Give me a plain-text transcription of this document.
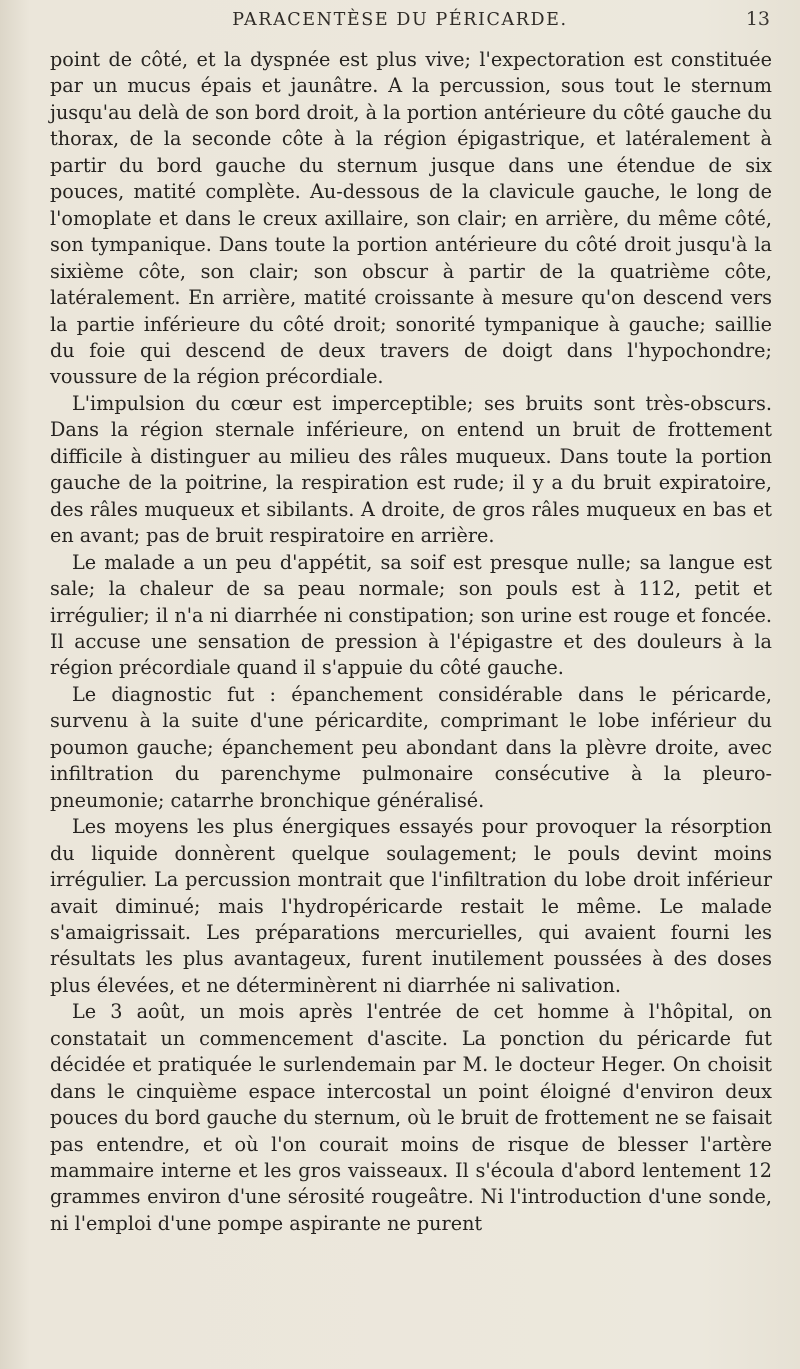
PARACENTÈSE DU PÉRICARDE.	13

point de côté, et la dyspnée est plus vive; l'expectoration est constituée par un mucus épais et jaunâtre. A la percussion, sous tout le sternum jusqu'au delà de son bord droit, à la portion antérieure du côté gauche du thorax, de la seconde côte à la région épigastrique, et latéralement à partir du bord gauche du sternum jusque dans une étendue de six pouces, matité complète. Au-dessous de la clavicule gauche, le long de l'omoplate et dans le creux axillaire, son clair; en arrière, du même côté, son tympanique. Dans toute la portion antérieure du côté droit jusqu'à la sixième côte, son clair; son obscur à partir de la quatrième côte, latéralement. En arrière, matité croissante à mesure qu'on descend vers la partie inférieure du côté droit; sonorité tympanique à gauche; saillie du foie qui descend de deux travers de doigt dans l'hypochondre; voussure de la région précordiale.

L'impulsion du cœur est imperceptible; ses bruits sont très-obscurs. Dans la région sternale inférieure, on entend un bruit de frottement difficile à distinguer au milieu des râles muqueux. Dans toute la portion gauche de la poitrine, la respiration est rude; il y a du bruit expiratoire, des râles muqueux et sibilants. A droite, de gros râles muqueux en bas et en avant; pas de bruit respiratoire en arrière.

Le malade a un peu d'appétit, sa soif est presque nulle; sa langue est sale; la chaleur de sa peau normale; son pouls est à 112, petit et irrégulier; il n'a ni diarrhée ni constipation; son urine est rouge et foncée. Il accuse une sensation de pression à l'épigastre et des douleurs à la région précordiale quand il s'appuie du côté gauche.

Le diagnostic fut : épanchement considérable dans le péricarde, survenu à la suite d'une péricardite, comprimant le lobe inférieur du poumon gauche; épanchement peu abondant dans la plèvre droite, avec infiltration du parenchyme pulmonaire consécutive à la pleuro-pneumonie; catarrhe bronchique généralisé.

Les moyens les plus énergiques essayés pour provoquer la résorption du liquide donnèrent quelque soulagement; le pouls devint moins irrégulier. La percussion montrait que l'infiltration du lobe droit inférieur avait diminué; mais l'hydropéricarde restait le même. Le malade s'amaigrissait. Les préparations mercurielles, qui avaient fourni les résultats les plus avantageux, furent inutilement poussées à des doses plus élevées, et ne déterminèrent ni diarrhée ni salivation.

Le 3 août, un mois après l'entrée de cet homme à l'hôpital, on constatait un commencement d'ascite. La ponction du péricarde fut décidée et pratiquée le surlendemain par M. le docteur Heger. On choisit dans le cinquième espace intercostal un point éloigné d'environ deux pouces du bord gauche du sternum, où le bruit de frottement ne se faisait pas entendre, et où l'on courait moins de risque de blesser l'artère mammaire interne et les gros vaisseaux. Il s'écoula d'abord lentement 12 grammes environ d'une sérosité rougeâtre. Ni l'introduction d'une sonde, ni l'emploi d'une pompe aspirante ne purent
